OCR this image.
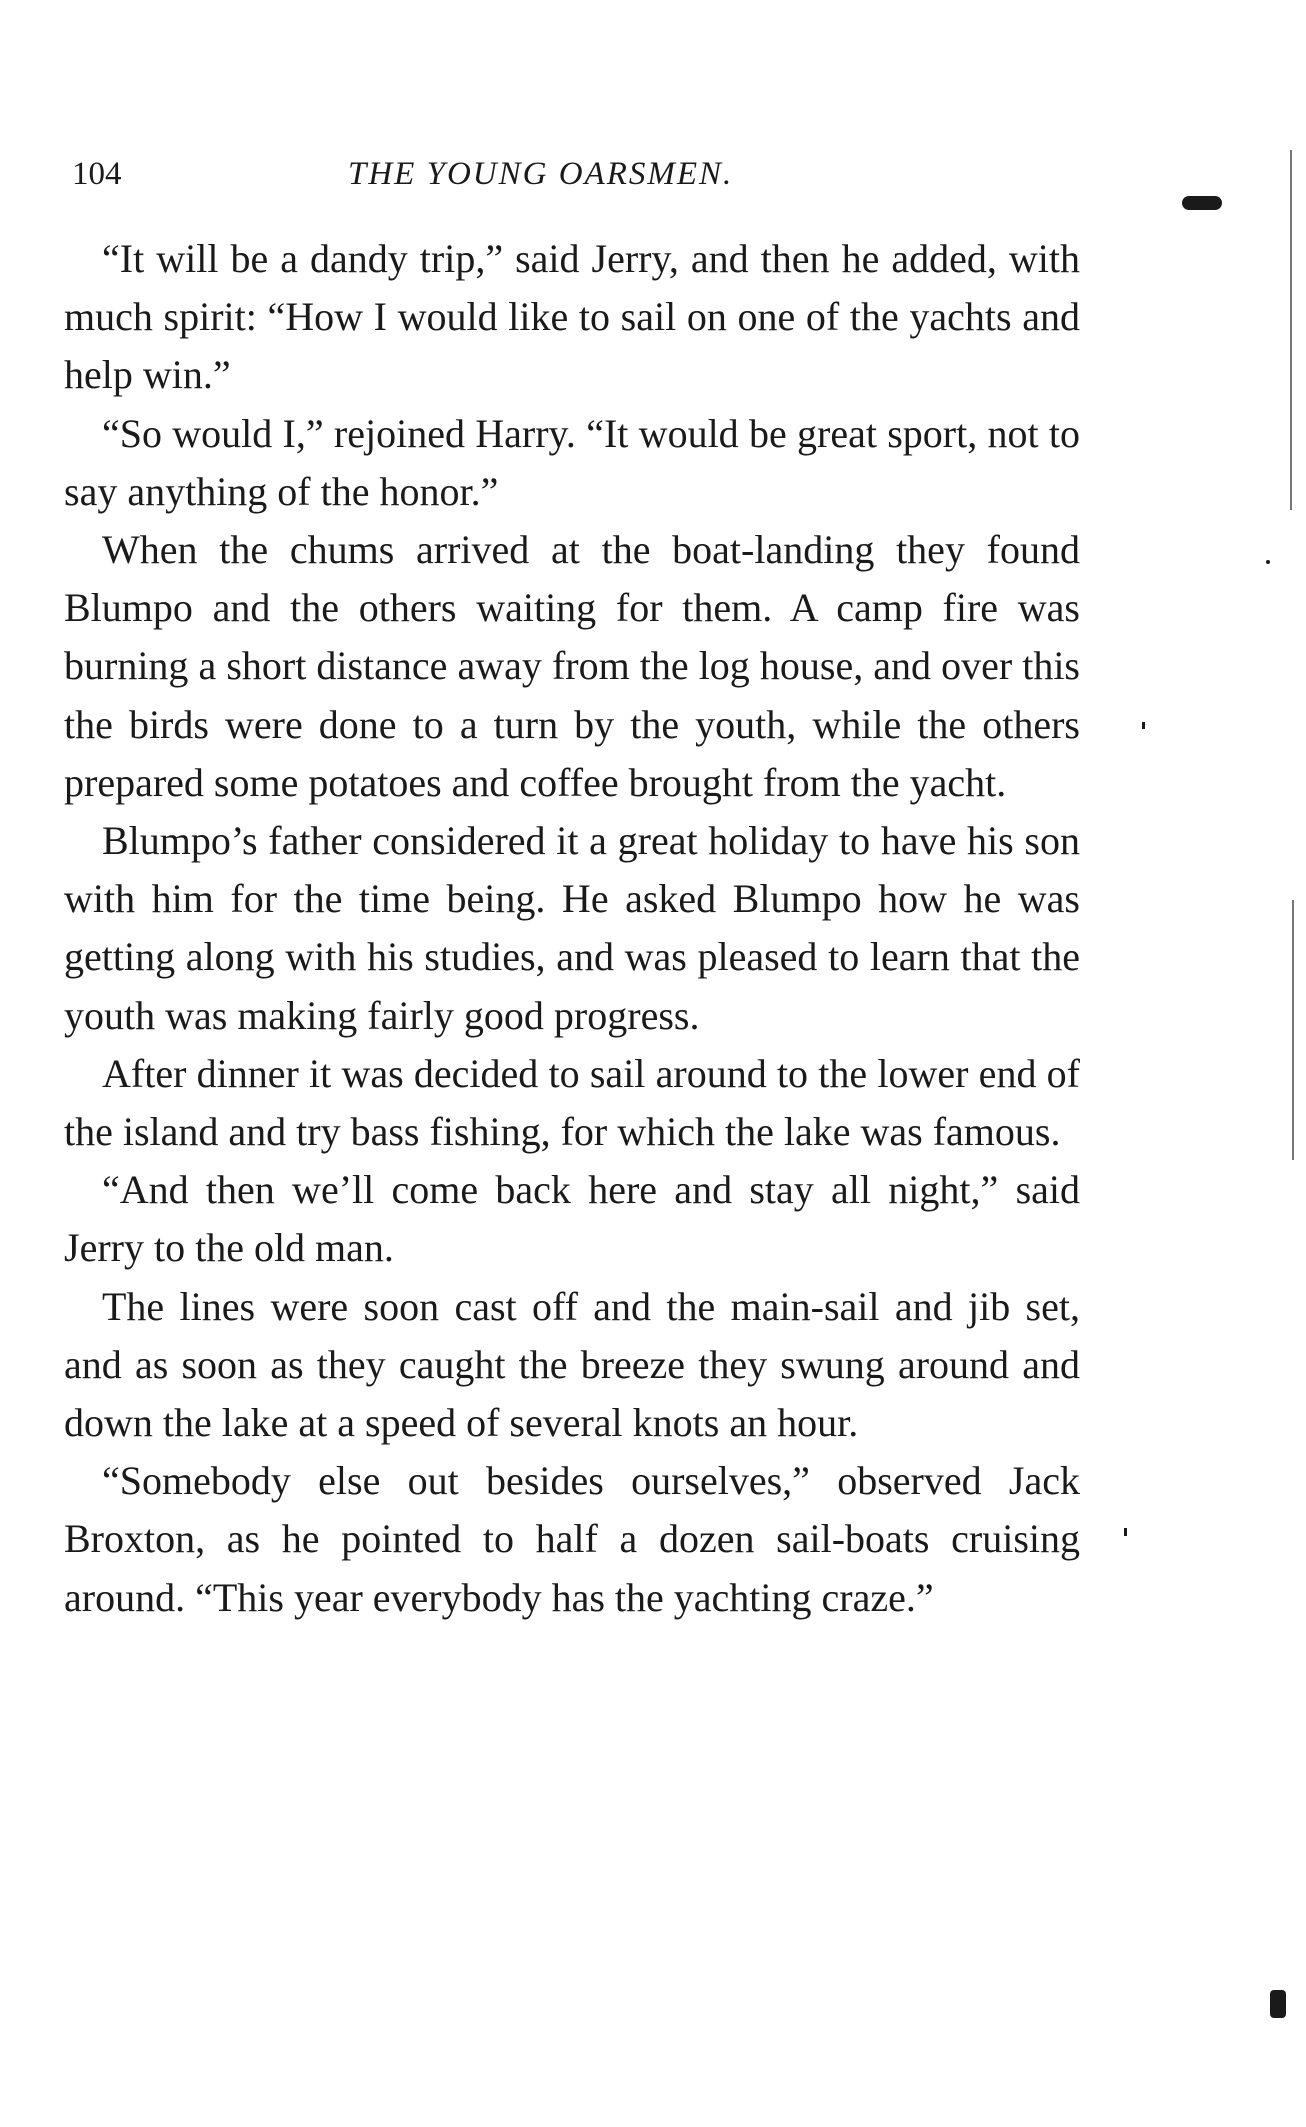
104	THE YOUNG OARSMEN.

“It will be a dandy trip,” said Jerry, and then he added, with much spirit: “How I would like to sail on one of the yachts and help win.”

“So would I,” rejoined Harry. “It would be great sport, not to say anything of the honor.”

When the chums arrived at the boat-landing they found Blumpo and the others waiting for them. A camp fire was burning a short distance away from the log house, and over this the birds were done to a turn by the youth, while the others prepared some potatoes and coffee brought from the yacht.

Blumpo’s father considered it a great holiday to have his son with him for the time being. He asked Blumpo how he was getting along with his studies, and was pleased to learn that the youth was making fairly good progress.

After dinner it was decided to sail around to the lower end of the island and try bass fishing, for which the lake was famous.

“And then we’ll come back here and stay all night,” said Jerry to the old man.

The lines were soon cast off and the main-sail and jib set, and as soon as they caught the breeze they swung around and down the lake at a speed of several knots an hour.

“Somebody else out besides ourselves,” observed Jack Broxton, as he pointed to half a dozen sail-boats cruising around. “This year everybody has the yachting craze.”
